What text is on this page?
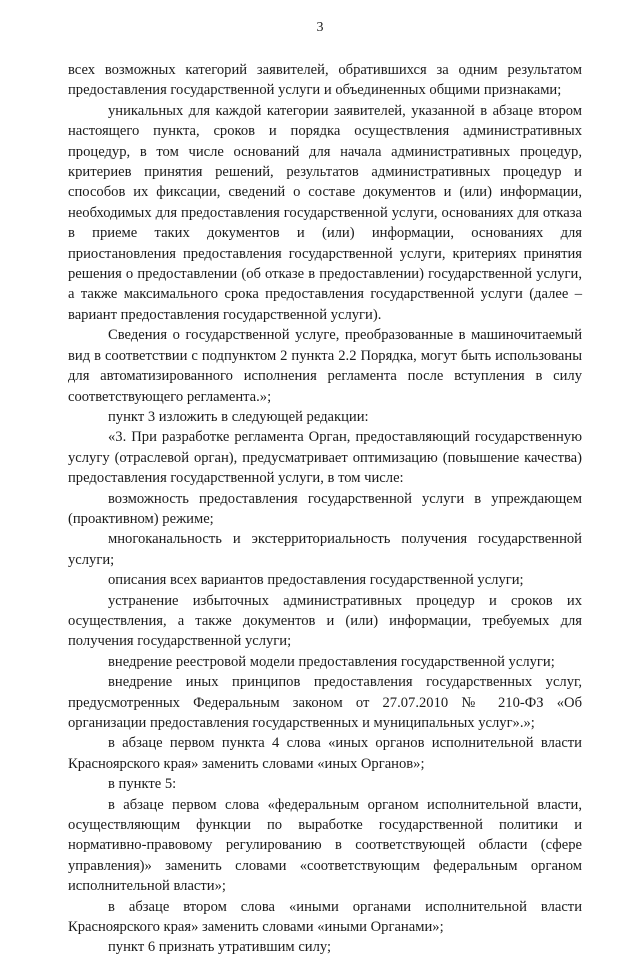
3

всех возможных категорий заявителей, обратившихся за одним результатом предоставления государственной услуги и объединенных общими признаками;

уникальных для каждой категории заявителей, указанной в абзаце втором настоящего пункта, сроков и порядка осуществления административных процедур, в том числе оснований для начала административных процедур, критериев принятия решений, результатов административных процедур и способов их фиксации, сведений о составе документов и (или) информации, необходимых для предоставления государственной услуги, основаниях для отказа в приеме таких документов и (или) информации, основаниях для приостановления предоставления государственной услуги, критериях принятия решения о предоставлении (об отказе в предоставлении) государственной услуги, а также максимального срока предоставления государственной услуги (далее – вариант предоставления государственной услуги).

Сведения о государственной услуге, преобразованные в машиночитаемый вид в соответствии с подпунктом 2 пункта 2.2 Порядка, могут быть использованы для автоматизированного исполнения регламента после вступления в силу соответствующего регламента.»;

пункт 3 изложить в следующей редакции:

«3. При разработке регламента Орган, предоставляющий государственную услугу (отраслевой орган), предусматривает оптимизацию (повышение качества) предоставления государственной услуги, в том числе:

возможность предоставления государственной услуги в упреждающем (проактивном) режиме;

многоканальность и экстерриториальность получения государственной услуги;

описания всех вариантов предоставления государственной услуги;

устранение избыточных административных процедур и сроков их осуществления, а также документов и (или) информации, требуемых для получения государственной услуги;

внедрение реестровой модели предоставления государственной услуги;

внедрение иных принципов предоставления государственных услуг, предусмотренных Федеральным законом от 27.07.2010 № 210-ФЗ «Об организации предоставления государственных и муниципальных услуг».»;

в абзаце первом пункта 4 слова «иных органов исполнительной власти Красноярского края» заменить словами «иных Органов»;

в пункте 5:

в абзаце первом слова «федеральным органом исполнительной власти, осуществляющим функции по выработке государственной политики и нормативно-правовому регулированию в соответствующей области (сфере управления)» заменить словами «соответствующим федеральным органом исполнительной власти»;

в абзаце втором слова «иными органами исполнительной власти Красноярского края» заменить словами «иными Органами»;

пункт 6 признать утратившим силу;
